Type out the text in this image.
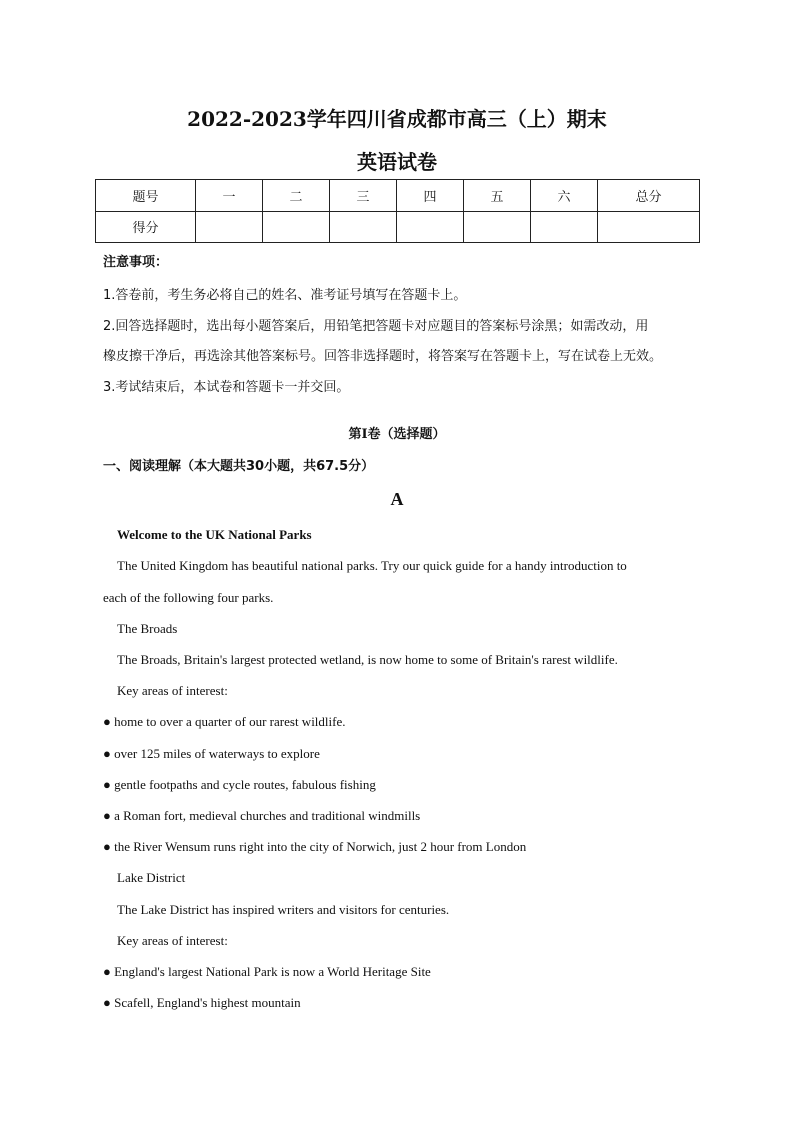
2022-2023学年四川省成都市高三（上）期末
英语试卷
题号	一	二	三	四	五	六	总分
得分							
注意事项：
1.答卷前，考生务必将自己的姓名、准考证号填写在答题卡上。
2.回答选择题时，选出每小题答案后，用铅笔把答题卡对应题目的答案标号涂黑；如需改动，用
橡皮擦干净后，再选涂其他答案标号。回答非选择题时，将答案写在答题卡上，写在试卷上无效。
3.考试结束后，本试卷和答题卡一并交回。
第Ⅰ卷（选择题）
一、阅读理解（本大题共30小题，共67.5分）
A
Welcome to the UK National Parks
The United Kingdom has beautiful national parks. Try our quick guide for a handy introduction to
each of the following four parks.
The Broads
The Broads, Britain's largest protected wetland, is now home to some of Britain's rarest wildlife.
Key areas of interest:
● home to over a quarter of our rarest wildlife.
● over 125 miles of waterways to explore
● gentle footpaths and cycle routes, fabulous fishing
● a Roman fort, medieval churches and traditional windmills
● the River Wensum runs right into the city of Norwich, just 2 hour from London
Lake District
The Lake District has inspired writers and visitors for centuries.
Key areas of interest:
● England's largest National Park is now a World Heritage Site
● Scafell, England's highest mountain
